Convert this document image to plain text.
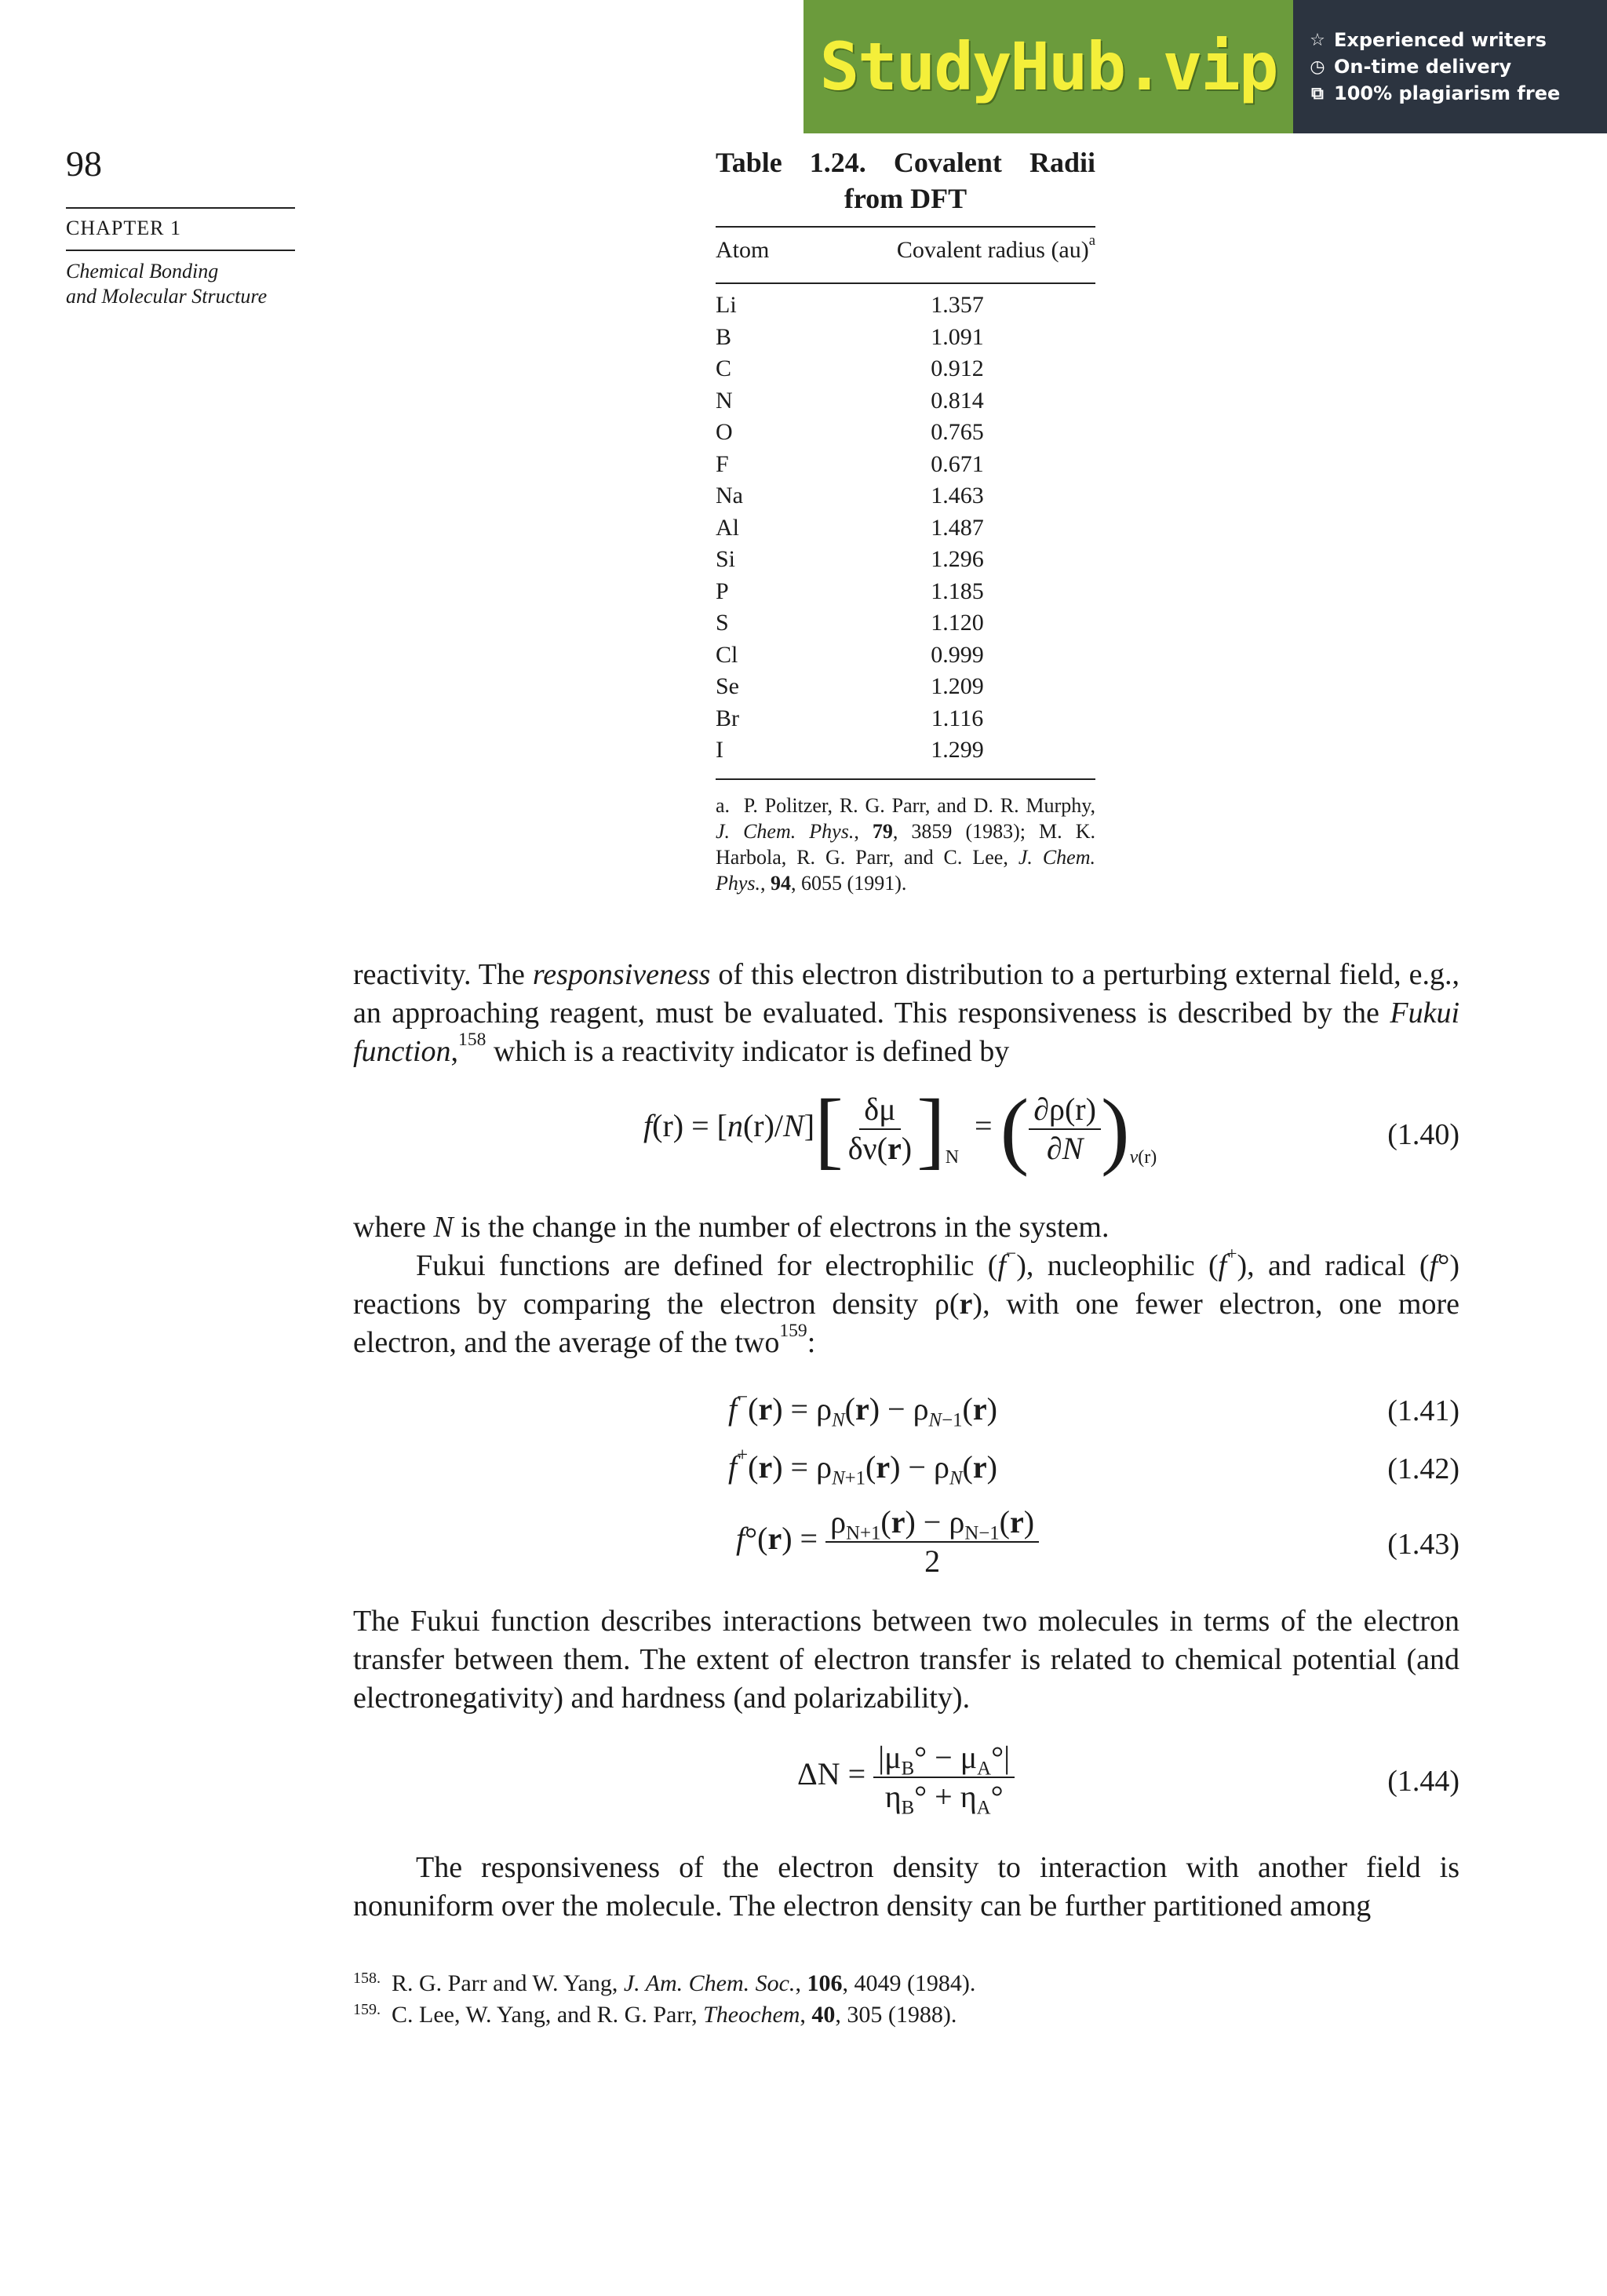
StudyHub.vip ☆ Experienced writers
◷ On-time delivery
⧉ 100% plagiarism free
98
CHAPTER 1
Chemical Bonding
and Molecular Structure
Table 1.24. Covalent Radii
from DFT
Atom	Covalent radius (au)$^a$
Li	1.357
B	1.091
C	0.912
N	0.814
O	0.765
F	0.671
Na	1.463
Al	1.487
Si	1.296
P	1.185
S	1.120
Cl	0.999
Se	1.209
Br	1.116
I	1.299
a. P. Politzer, R. G. Parr, and D. R. Murphy, J. Chem. Phys., 79, 3859 (1983); M. K. Harbola, R. G. Parr, and C. Lee, J. Chem. Phys., 94, 6055 (1991).
reactivity. The responsiveness of this electron distribution to a perturbing external field, e.g., an approaching reagent, must be evaluated. This responsiveness is described by the Fukui function,$^{158}$ which is a reactivity indicator is defined by
$f(r) = [n(r)/N][ \frac{\delta\mu}{\delta\nu(r)} ]_N$  = ( $\frac{\partial\rho(r)}{\partial N} )_{\nu(r)}$
(1.40)
where N is the change in the number of electrons in the system.
Fukui functions are defined for electrophilic (f−), nucleophilic (f+), and radical (f°) reactions by comparing the electron density ρ(r), with one fewer electron, one more electron, and the average of the two$^{159}$:
$f^-(r) = \rho_N(r) - \rho_{N-1}(r)$	(1.41)
$f^+(r) = \rho_{N+1}(r) - \rho_N(r)$	(1.42)
$f^\circ(r) = \frac{\rho_{N+1}(r) - \rho_{N-1}(r)}{2}$	(1.43)
The Fukui function describes interactions between two molecules in terms of the electron transfer between them. The extent of electron transfer is related to chemical potential (and electronegativity) and hardness (and polarizability).
$\Delta N = \frac{|\mu_B^\circ - \mu_A^\circ|}{\eta_B^\circ + \eta_A^\circ}$	(1.44)
The responsiveness of the electron density to interaction with another field is nonuniform over the molecule. The electron density can be further partitioned among
$^{158.}$ R. G. Parr and W. Yang, J. Am. Chem. Soc., 106, 4049 (1984).
$^{159.}$ C. Lee, W. Yang, and R. G. Parr, Theochem, 40, 305 (1988).
